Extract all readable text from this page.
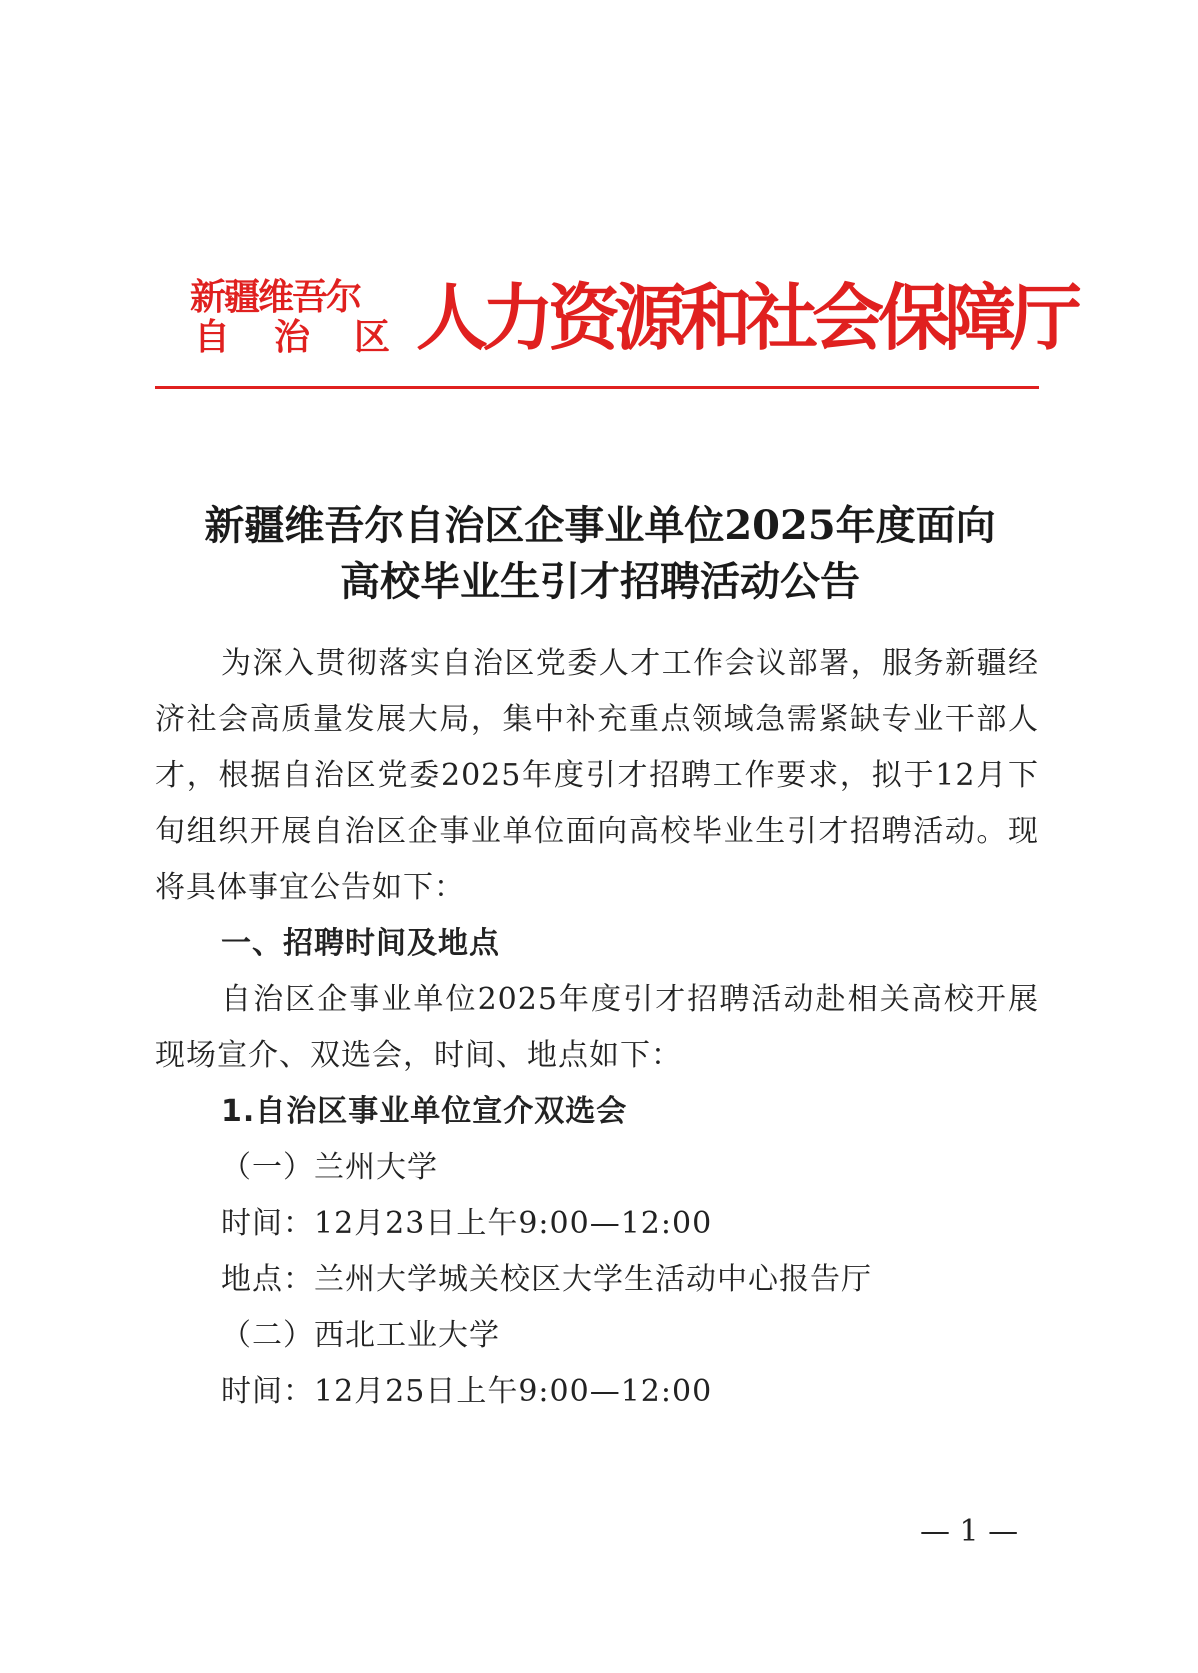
新疆维吾尔
自 治 区 人力资源和社会保障厅
新疆维吾尔自治区企事业单位2025年度面向
高校毕业生引才招聘活动公告

为深入贯彻落实自治区党委人才工作会议部署，服务新疆经济社会高质量发展大局，集中补充重点领域急需紧缺专业干部人才，根据自治区党委2025年度引才招聘工作要求，拟于12月下旬组织开展自治区企事业单位面向高校毕业生引才招聘活动。现将具体事宜公告如下：

一、招聘时间及地点

自治区企事业单位2025年度引才招聘活动赴相关高校开展现场宣介、双选会，时间、地点如下：

1.自治区事业单位宣介双选会

（一）兰州大学

时间：12月23日上午9:00—12:00

地点：兰州大学城关校区大学生活动中心报告厅

（二）西北工业大学

时间：12月25日上午9:00—12:00

— 1 —
